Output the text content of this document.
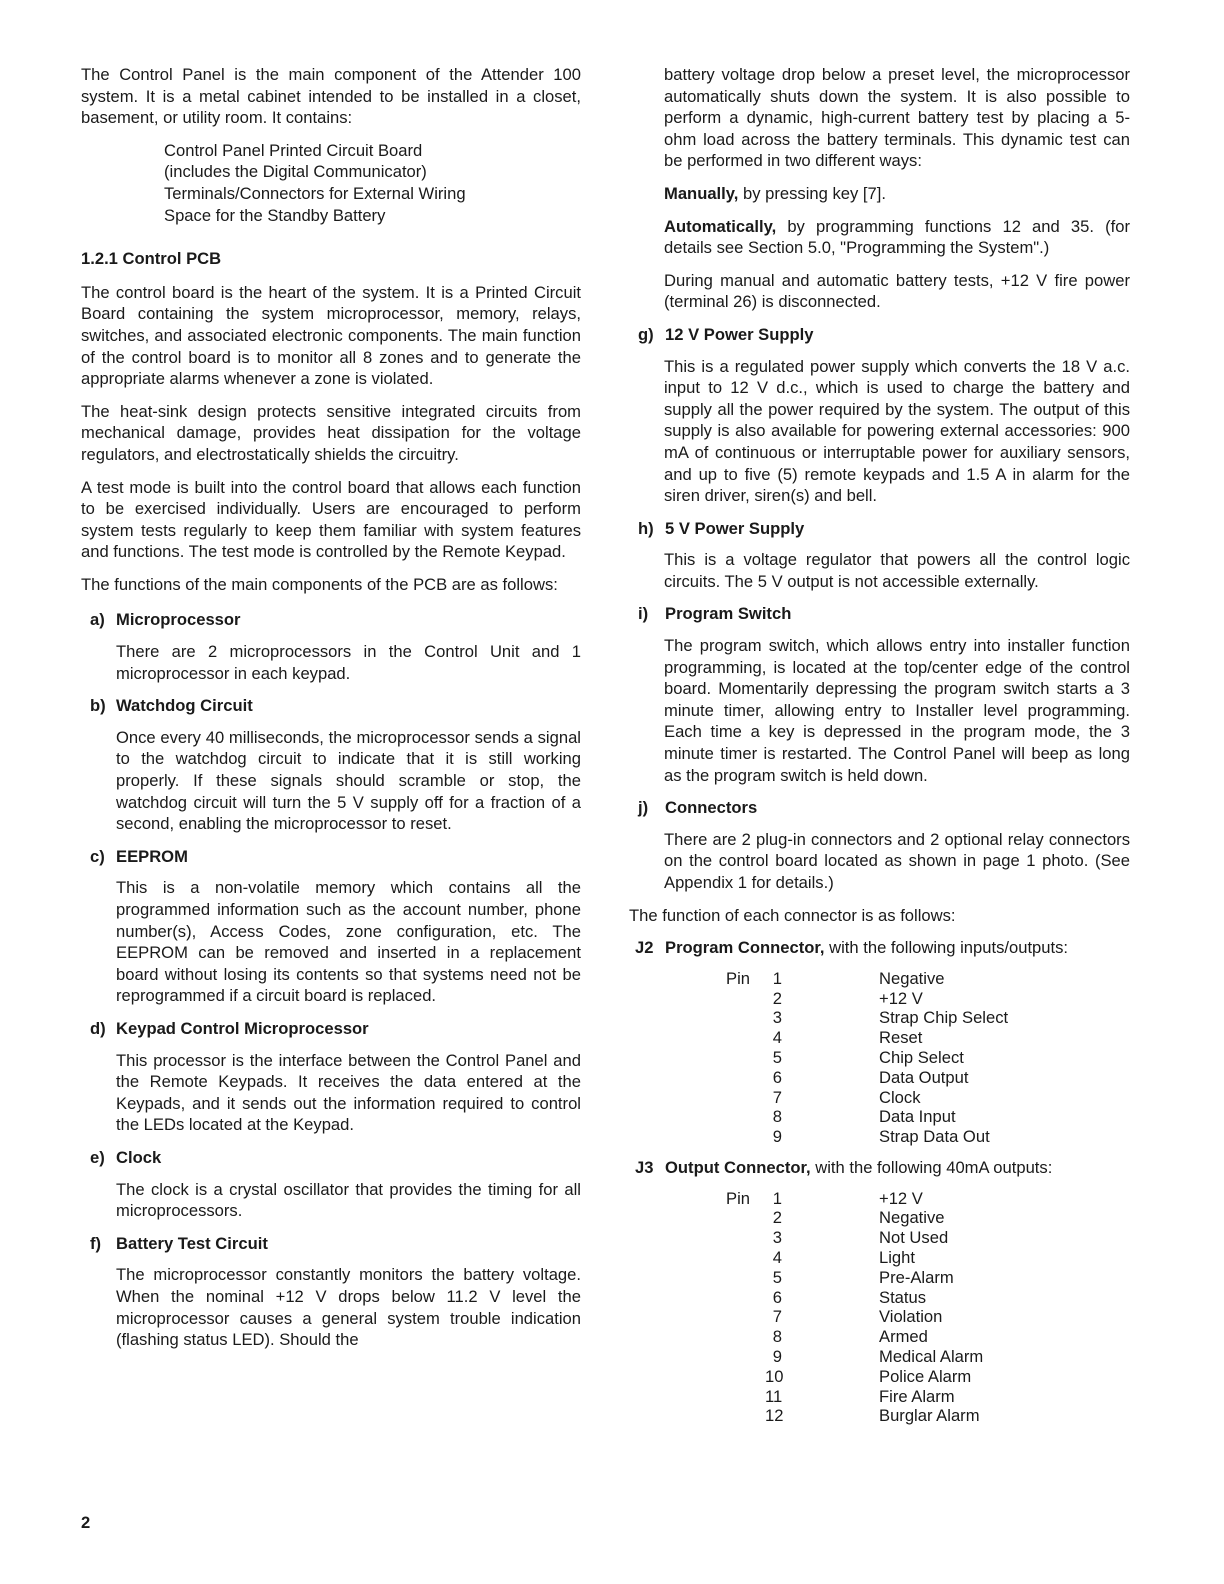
The Control Panel is the main component of the Attender 100 system. It is a metal cabinet intended to be installed in a closet, basement, or utility room. It contains:

Control Panel Printed Circuit Board
(includes the Digital Communicator)
Terminals/Connectors for External Wiring
Space for the Standby Battery
1.2.1 Control PCB

The control board is the heart of the system. It is a Printed Circuit Board containing the system microprocessor, memory, relays, switches, and associated electronic components. The main function of the control board is to monitor all 8 zones and to generate the appropriate alarms whenever a zone is violated.

The heat-sink design protects sensitive integrated circuits from mechanical damage, provides heat dissipation for the voltage regulators, and electrostatically shields the circuitry.

A test mode is built into the control board that allows each function to be exercised individually. Users are encouraged to perform system tests regularly to keep them familiar with system features and functions. The test mode is controlled by the Remote Keypad.

The functions of the main components of the PCB are as follows:

a) Microprocessor

There are 2 microprocessors in the Control Unit and 1 microprocessor in each keypad.

b) Watchdog Circuit

Once every 40 milliseconds, the microprocessor sends a signal to the watchdog circuit to indicate that it is still working properly. If these signals should scramble or stop, the watchdog circuit will turn the 5 V supply off for a fraction of a second, enabling the microprocessor to reset.

c) EEPROM

This is a non-volatile memory which contains all the programmed information such as the account number, phone number(s), Access Codes, zone configuration, etc. The EEPROM can be removed and inserted in a replacement board without losing its contents so that systems need not be reprogrammed if a circuit board is replaced.

d) Keypad Control Microprocessor

This processor is the interface between the Control Panel and the Remote Keypads. It receives the data entered at the Keypads, and it sends out the information required to control the LEDs located at the Keypad.

e) Clock

The clock is a crystal oscillator that provides the timing for all microprocessors.

f) Battery Test Circuit

The microprocessor constantly monitors the battery voltage. When the nominal +12 V drops below 11.2 V level the microprocessor causes a general system trouble indication (flashing status LED). Should the

battery voltage drop below a preset level, the microprocessor automatically shuts down the system. It is also possible to perform a dynamic, high-current battery test by placing a 5-ohm load across the battery terminals. This dynamic test can be performed in two different ways:

Manually, by pressing key [7].

Automatically, by programming functions 12 and 35. (for details see Section 5.0, "Programming the System".)

During manual and automatic battery tests, +12 V fire power (terminal 26) is disconnected.

g) 12 V Power Supply

This is a regulated power supply which converts the 18 V a.c. input to 12 V d.c., which is used to charge the battery and supply all the power required by the system. The output of this supply is also available for powering external accessories: 900 mA of continuous or interruptable power for auxiliary sensors, and up to five (5) remote keypads and 1.5 A in alarm for the siren driver, siren(s) and bell.

h) 5 V Power Supply

This is a voltage regulator that powers all the control logic circuits. The 5 V output is not accessible externally.

i) Program Switch

The program switch, which allows entry into installer function programming, is located at the top/center edge of the control board. Momentarily depressing the program switch starts a 3 minute timer, allowing entry to Installer level programming. Each time a key is depressed in the program mode, the 3 minute timer is restarted. The Control Panel will beep as long as the program switch is held down.

j) Connectors

There are 2 plug-in connectors and 2 optional relay connectors on the control board located as shown in page 1 photo. (See Appendix 1 for details.)

The function of each connector is as follows:

J2 Program Connector, with the following inputs/outputs:
Pin	1	Negative
2	+12 V
3	Strap Chip Select
4	Reset
5	Chip Select
6	Data Output
7	Clock
8	Data Input
9	Strap Data Out
J3 Output Connector, with the following 40mA outputs:
Pin	1	+12 V
2	Negative
3	Not Used
4	Light
5	Pre-Alarm
6	Status
7	Violation
8	Armed
9	Medical Alarm
10	Police Alarm
11	Fire Alarm
12	Burglar Alarm
2
